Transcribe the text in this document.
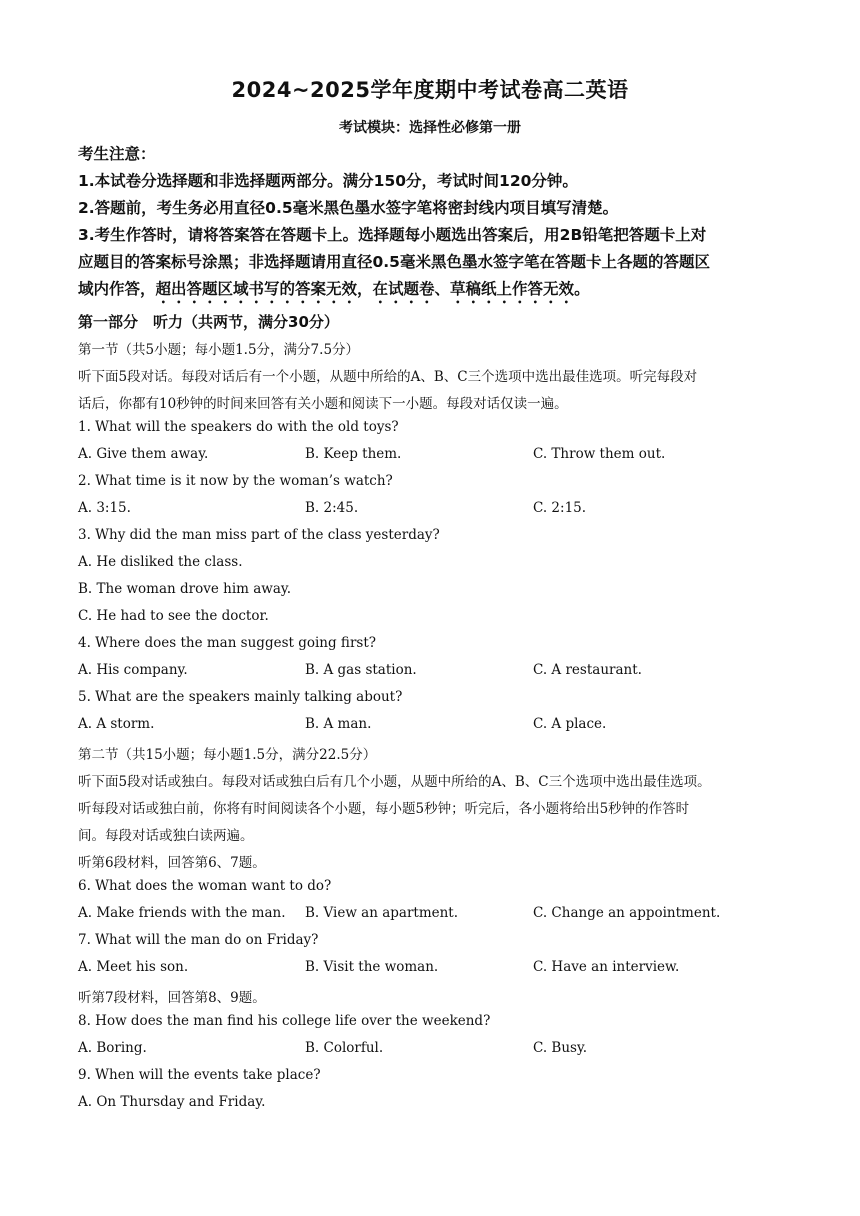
2024~2025学年度期中考试卷高二英语
考试模块：选择性必修第一册
考生注意：
1.本试卷分选择题和非选择题两部分。满分150分，考试时间120分钟。
2.答题前，考生务必用直径0.5毫米黑色墨水签字笔将密封线内项目填写清楚。
3.考生作答时，请将答案答在答题卡上。选择题每小题选出答案后，用2B铅笔把答题卡上对
应题目的答案标号涂黑；非选择题请用直径0.5毫米黑色墨水签字笔在答题卡上各题的答题区
域内作答，超出答题区域书写的答案无效，在试题卷、草稿纸上作答无效。
第一部分　听力（共两节，满分30分）
第一节（共5小题；每小题1.5分，满分7.5分）
听下面5段对话。每段对话后有一个小题，从题中所给的A、B、C三个选项中选出最佳选项。听完每段对
话后，你都有10秒钟的时间来回答有关小题和阅读下一小题。每段对话仅读一遍。
1. What will the speakers do with the old toys?
A. Give them away.	B. Keep them.	C. Throw them out.
2. What time is it now by the woman’s watch?
A. 3:15.	B. 2:45.	C. 2:15.
3. Why did the man miss part of the class yesterday?
A. He disliked the class.
B. The woman drove him away.
C. He had to see the doctor.
4. Where does the man suggest going first?
A. His company.	B. A gas station.	C. A restaurant.
5. What are the speakers mainly talking about?
A. A storm.	B. A man.	C. A place.
第二节（共15小题；每小题1.5分，满分22.5分）
听下面5段对话或独白。每段对话或独白后有几个小题，从题中所给的A、B、C三个选项中选出最佳选项。
听每段对话或独白前，你将有时间阅读各个小题，每小题5秒钟；听完后，各小题将给出5秒钟的作答时
间。每段对话或独白读两遍。
听第6段材料，回答第6、7题。
6. What does the woman want to do?
A. Make friends with the man. B. View an apartment.	C. Change an appointment.
7. What will the man do on Friday?
A. Meet his son.	B. Visit the woman.	C. Have an interview.
听第7段材料，回答第8、9题。
8. How does the man find his college life over the weekend?
A. Boring.	B. Colorful.	C. Busy.
9. When will the events take place?
A. On Thursday and Friday.
